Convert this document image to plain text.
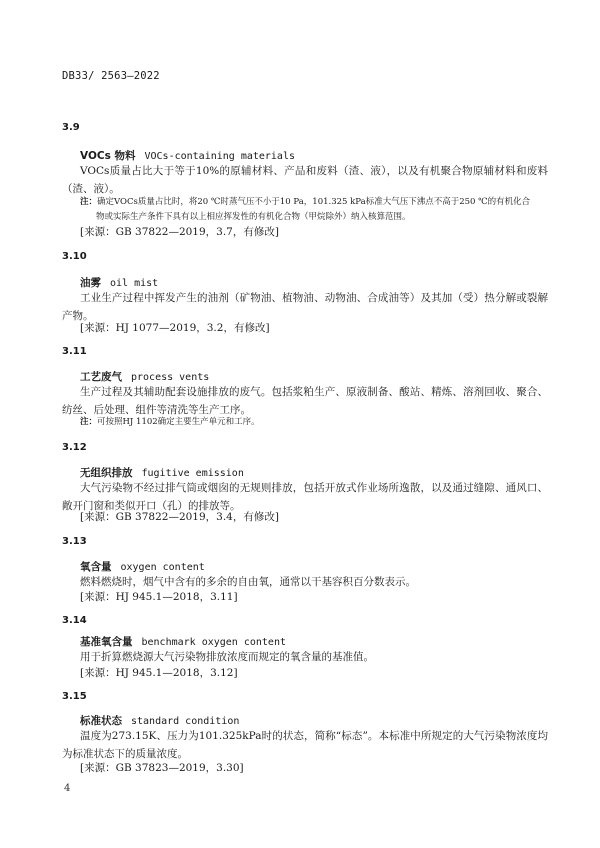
DB33/ 2563—2022
3.9
VOCs 物料 VOCs-containing materials
VOCs质量占比大于等于10%的原辅材料、产品和废料（渣、液），以及有机聚合物原辅材料和废料（渣、液）。
注：确定VOCs质量占比时，将20 ℃时蒸气压不小于10 Pa，101.325 kPa标准大气压下沸点不高于250 ℃的有机化合
物或实际生产条件下具有以上相应挥发性的有机化合物（甲烷除外）纳入核算范围。
[来源：GB 37822—2019，3.7，有修改]
3.10
油雾 oil mist
工业生产过程中挥发产生的油剂（矿物油、植物油、动物油、合成油等）及其加（受）热分解或裂解产物。
[来源：HJ 1077—2019，3.2，有修改]
3.11
工艺废气 process vents
生产过程及其辅助配套设施排放的废气。包括浆粕生产、原液制备、酸站、精炼、溶剂回收、聚合、纺丝、后处理、组件等清洗等生产工序。
注：可按照HJ 1102确定主要生产单元和工序。
3.12
无组织排放 fugitive emission
大气污染物不经过排气筒或烟囱的无规则排放，包括开放式作业场所逸散，以及通过缝隙、通风口、敞开门窗和类似开口（孔）的排放等。
[来源：GB 37822—2019，3.4，有修改]
3.13
氧含量 oxygen content
燃料燃烧时，烟气中含有的多余的自由氧，通常以干基容积百分数表示。
[来源：HJ 945.1—2018，3.11]
3.14
基准氧含量 benchmark oxygen content
用于折算燃烧源大气污染物排放浓度而规定的氧含量的基准值。
[来源：HJ 945.1—2018，3.12]
3.15
标准状态 standard condition
温度为273.15K、压力为101.325kPa时的状态，简称“标态”。本标准中所规定的大气污染物浓度均为标准状态下的质量浓度。
[来源：GB 37823—2019，3.30]
4
